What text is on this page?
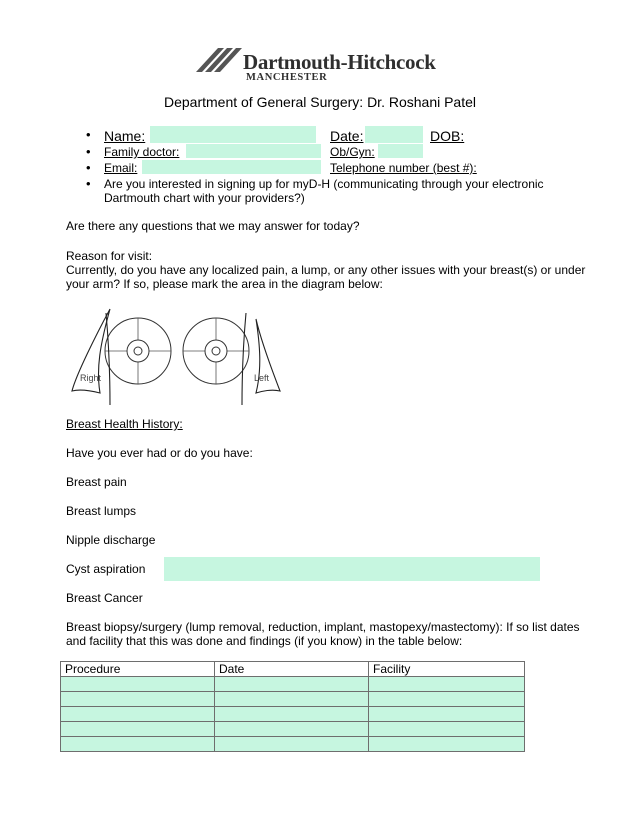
Dartmouth-Hitchcock
MANCHESTER
Department of General Surgery: Dr. Roshani Patel
• Name:	Date:	DOB:
• Family doctor:	Ob/Gyn:
• Email:	Telephone number (best #):
• Are you interested in signing up for myD-H (communicating through your electronic
Dartmouth chart with your providers?)
Are there any questions that we may answer for today?
Reason for visit:
Currently, do you have any localized pain, a lump, or any other issues with your breast(s) or under
your arm? If so, please mark the area in the diagram below:
Right	Left
Breast Health History:
Have you ever had or do you have:
Breast pain
Breast lumps
Nipple discharge
Cyst aspiration
Breast Cancer
Breast biopsy/surgery (lump removal, reduction, implant, mastopexy/mastectomy): If so list dates
and facility that this was done and findings (if you know) in the table below:
Procedure	Date	Facility
